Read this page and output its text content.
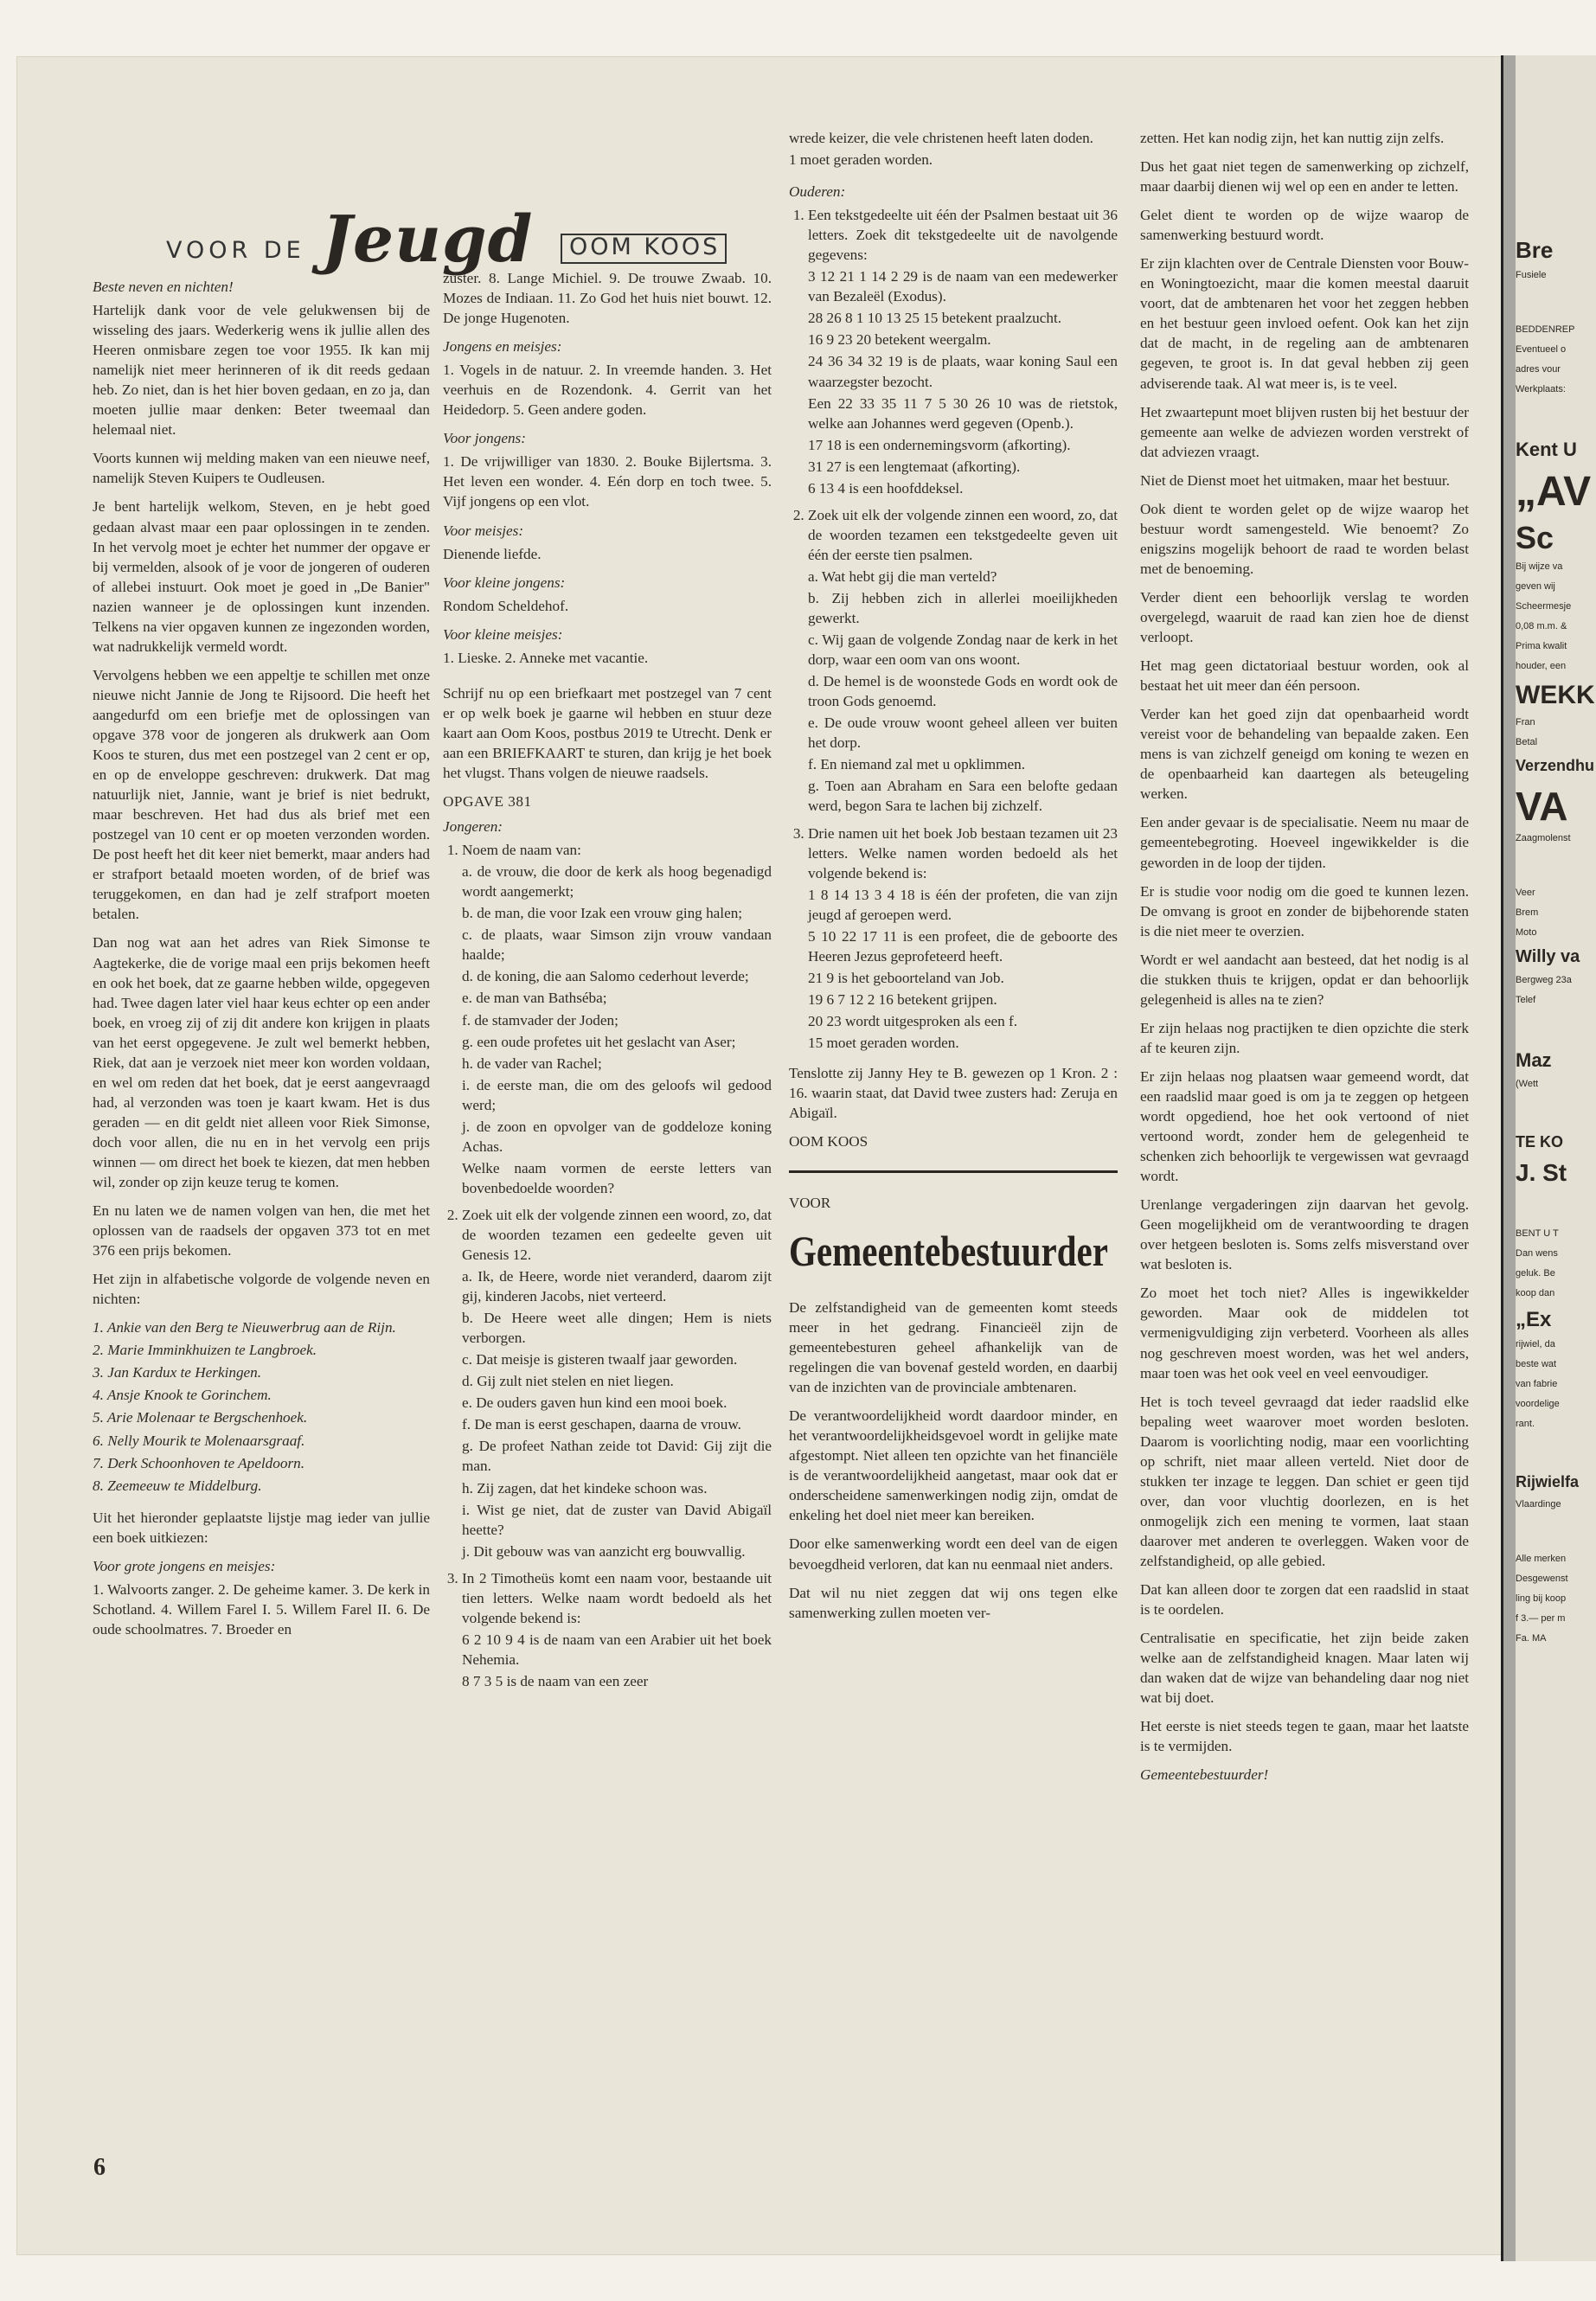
VOOR DE Jeugd	OOM KOOS

Beste neven en nichten!

Hartelijk dank voor de vele gelukwensen bij de wisseling des jaars. Wederkerig wens ik jullie allen des Heeren onmisbare zegen toe voor 1955. Ik kan mij namelijk niet meer herinneren of ik dit reeds gedaan heb. Zo niet, dan is het hier boven gedaan, en zo ja, dan moeten jullie maar denken: Beter tweemaal dan helemaal niet.

Voorts kunnen wij melding maken van een nieuwe neef, namelijk Steven Kuipers te Oudleusen.

Je bent hartelijk welkom, Steven, en je hebt goed gedaan alvast maar een paar oplossingen in te zenden. In het vervolg moet je echter het nummer der opgave er bij vermelden, alsook of je voor de jongeren of ouderen of allebei instuurt. Ook moet je goed in „De Banier" nazien wanneer je de oplossingen kunt inzenden. Telkens na vier opgaven kunnen ze ingezonden worden, wat nadrukkelijk vermeld wordt.

Vervolgens hebben we een appeltje te schillen met onze nieuwe nicht Jannie de Jong te Rijsoord. Die heeft het aangedurfd om een briefje met de oplossingen van opgave 378 voor de jongeren als drukwerk aan Oom Koos te sturen, dus met een postzegel van 2 cent er op, en op de enveloppe geschreven: drukwerk. Dat mag natuurlijk niet, Jannie, want je brief is niet bedrukt, maar beschreven. Het had dus als brief met een postzegel van 10 cent er op moeten verzonden worden. De post heeft het dit keer niet bemerkt, maar anders had er strafport betaald moeten worden, of de brief was teruggekomen, en dan had je zelf strafport moeten betalen.

Dan nog wat aan het adres van Riek Simonse te Aagtekerke, die de vorige maal een prijs bekomen heeft en ook het boek, dat ze gaarne hebben wilde, opgegeven had. Twee dagen later viel haar keus echter op een ander boek, en vroeg zij of zij dit andere kon krijgen in plaats van het eerst opgegevene. Je zult wel bemerkt hebben, Riek, dat aan je verzoek niet meer kon worden voldaan, en wel om reden dat het boek, dat je eerst aangevraagd had, al verzonden was toen je kaart kwam. Het is dus geraden — en dit geldt niet alleen voor Riek Simonse, doch voor allen, die nu en in het vervolg een prijs winnen — om direct het boek te kiezen, dat men hebben wil, zonder op zijn keuze terug te komen.

En nu laten we de namen volgen van hen, die met het oplossen van de raadsels der opgaven 373 tot en met 376 een prijs bekomen.

Het zijn in alfabetische volgorde de volgende neven en nichten:

1. Ankie van den Berg te Nieuwerbrug aan de Rijn.
2. Marie Imminkhuizen te Langbroek.
3. Jan Kardux te Herkingen.
4. Ansje Knook te Gorinchem.
5. Arie Molenaar te Bergschenhoek.
6. Nelly Mourik te Molenaarsgraaf.
7. Derk Schoonhoven te Apeldoorn.
8. Zeemeeuw te Middelburg.

Uit het hieronder geplaatste lijstje mag ieder van jullie een boek uitkiezen:

Voor grote jongens en meisjes:

1. Walvoorts zanger. 2. De geheime kamer. 3. De kerk in Schotland. 4. Willem Farel I. 5. Willem Farel II. 6. De oude schoolmatres. 7. Broeder en

zuster. 8. Lange Michiel. 9. De trouwe Zwaab. 10. Mozes de Indiaan. 11. Zo God het huis niet bouwt. 12. De jonge Hugenoten.

Jongens en meisjes:

1. Vogels in de natuur. 2. In vreemde handen. 3. Het veerhuis en de Rozendonk. 4. Gerrit van het Heidedorp. 5. Geen andere goden.

Voor jongens:

1. De vrijwilliger van 1830. 2. Bouke Bijlertsma. 3. Het leven een wonder. 4. Eén dorp en toch twee. 5. Vijf jongens op een vlot.

Voor meisjes:

Dienende liefde.

Voor kleine jongens:

Rondom Scheldehof.

Voor kleine meisjes:

1. Lieske. 2. Anneke met vacantie.

Schrijf nu op een briefkaart met postzegel van 7 cent er op welk boek je gaarne wil hebben en stuur deze kaart aan Oom Koos, postbus 2019 te Utrecht. Denk er aan een BRIEFKAART te sturen, dan krijg je het boek het vlugst. Thans volgen de nieuwe raadsels.

OPGAVE 381

Jongeren:

1. Noem de naam van:
a. de vrouw, die door de kerk als hoog begenadigd wordt aangemerkt;
b. de man, die voor Izak een vrouw ging halen;
c. de plaats, waar Simson zijn vrouw vandaan haalde;
d. de koning, die aan Salomo cederhout leverde;
e. de man van Bathséba;
f. de stamvader der Joden;
g. een oude profetes uit het geslacht van Aser;
h. de vader van Rachel;
i. de eerste man, die om des geloofs wil gedood werd;
j. de zoon en opvolger van de goddeloze koning Achas.
Welke naam vormen de eerste letters van bovenbedoelde woorden?
2. Zoek uit elk der volgende zinnen een woord, zo, dat de woorden tezamen een gedeelte geven uit Genesis 12.
a. Ik, de Heere, worde niet veranderd, daarom zijt gij, kinderen Jacobs, niet verteerd.
b. De Heere weet alle dingen; Hem is niets verborgen.
c. Dat meisje is gisteren twaalf jaar geworden.
d. Gij zult niet stelen en niet liegen.
e. De ouders gaven hun kind een mooi boek.
f. De man is eerst geschapen, daarna de vrouw.
g. De profeet Nathan zeide tot David: Gij zijt die man.
h. Zij zagen, dat het kindeke schoon was.
i. Wist ge niet, dat de zuster van David Abigaïl heette?
j. Dit gebouw was van aanzicht erg bouwvallig.
3. In 2 Timotheüs komt een naam voor, bestaande uit tien letters. Welke naam wordt bedoeld als het volgende bekend is:
6 2 10 9 4 is de naam van een Arabier uit het boek Nehemia.
8 7 3 5 is de naam van een zeer

wrede keizer, die vele christenen heeft laten doden.

1 moet geraden worden.

Ouderen:

1. Een tekstgedeelte uit één der Psalmen bestaat uit 36 letters. Zoek dit tekstgedeelte uit de navolgende gegevens:
3 12 21 1 14 2 29 is de naam van een medewerker van Bezaleël (Exodus).
28 26 8 1 10 13 25 15 betekent praalzucht.
16 9 23 20 betekent weergalm.
24 36 34 32 19 is de plaats, waar koning Saul een waarzegster bezocht.
Een 22 33 35 11 7 5 30 26 10 was de rietstok, welke aan Johannes werd gegeven (Openb.).
17 18 is een ondernemingsvorm (afkorting).
31 27 is een lengtemaat (afkorting).
6 13 4 is een hoofddeksel.
2. Zoek uit elk der volgende zinnen een woord, zo, dat de woorden tezamen een tekstgedeelte geven uit één der eerste tien psalmen.
a. Wat hebt gij die man verteld?
b. Zij hebben zich in allerlei moeilijkheden gewerkt.
c. Wij gaan de volgende Zondag naar de kerk in het dorp, waar een oom van ons woont.
d. De hemel is de woonstede Gods en wordt ook de troon Gods genoemd.
e. De oude vrouw woont geheel alleen ver buiten het dorp.
f. En niemand zal met u opklimmen.
g. Toen aan Abraham en Sara een belofte gedaan werd, begon Sara te lachen bij zichzelf.
3. Drie namen uit het boek Job bestaan tezamen uit 23 letters. Welke namen worden bedoeld als het volgende bekend is:
1 8 14 13 3 4 18 is één der profeten, die van zijn jeugd af geroepen werd.
5 10 22 17 11 is een profeet, die de geboorte des Heeren Jezus geprofeteerd heeft.
21 9 is het geboorteland van Job.
19 6 7 12 2 16 betekent grijpen.
20 23 wordt uitgesproken als een f.
15 moet geraden worden.

Tenslotte zij Janny Hey te B. gewezen op 1 Kron. 2 : 16. waarin staat, dat David twee zusters had: Zeruja en Abigaïl.

OOM KOOS

VOOR

Gemeentebestuurder

De zelfstandigheid van de gemeenten komt steeds meer in het gedrang. Financieël zijn de gemeentebesturen geheel afhankelijk van de regelingen die van bovenaf gesteld worden, en daarbij van de inzichten van de provinciale ambtenaren.

De verantwoordelijkheid wordt daardoor minder, en het verantwoordelijkheidsgevoel wordt in gelijke mate afgestompt. Niet alleen ten opzichte van het financiële is de verantwoordelijkheid aangetast, maar ook dat er onderscheidene samenwerkingen nodig zijn, omdat de enkeling het doel niet meer kan bereiken.

Door elke samenwerking wordt een deel van de eigen bevoegdheid verloren, dat kan nu eenmaal niet anders.

Dat wil nu niet zeggen dat wij ons tegen elke samenwerking zullen moeten ver-

zetten. Het kan nodig zijn, het kan nuttig zijn zelfs.

Dus het gaat niet tegen de samenwerking op zichzelf, maar daarbij dienen wij wel op een en ander te letten.

Gelet dient te worden op de wijze waarop de samenwerking bestuurd wordt.

Er zijn klachten over de Centrale Diensten voor Bouw- en Woningtoezicht, maar die komen meestal daaruit voort, dat de ambtenaren het voor het zeggen hebben en het bestuur geen invloed oefent. Ook kan het zijn dat de macht, in de regeling aan de ambtenaren gegeven, te groot is. In dat geval hebben zij geen adviserende taak. Al wat meer is, is te veel.

Het zwaartepunt moet blijven rusten bij het bestuur der gemeente aan welke de adviezen worden verstrekt of dat adviezen vraagt.

Niet de Dienst moet het uitmaken, maar het bestuur.

Ook dient te worden gelet op de wijze waarop het bestuur wordt samengesteld. Wie benoemt? Zo enigszins mogelijk behoort de raad te worden belast met de benoeming.

Verder dient een behoorlijk verslag te worden overgelegd, waaruit de raad kan zien hoe de dienst verloopt.

Het mag geen dictatoriaal bestuur worden, ook al bestaat het uit meer dan één persoon.

Verder kan het goed zijn dat openbaarheid wordt vereist voor de behandeling van bepaalde zaken. Een mens is van zichzelf geneigd om koning te wezen en de openbaarheid kan daartegen als beteugeling werken.

Een ander gevaar is de specialisatie. Neem nu maar de gemeentebegroting. Hoeveel ingewikkelder is die geworden in de loop der tijden.

Er is studie voor nodig om die goed te kunnen lezen. De omvang is groot en zonder de bijbehorende staten is die niet meer te overzien.

Wordt er wel aandacht aan besteed, dat het nodig is al die stukken thuis te krijgen, opdat er dan behoorlijk gelegenheid is alles na te zien?

Er zijn helaas nog practijken te dien opzichte die sterk af te keuren zijn.

Er zijn helaas nog plaatsen waar gemeend wordt, dat een raadslid maar goed is om ja te zeggen op hetgeen wordt opgediend, hoe het ook vertoond of niet vertoond wordt, zonder hem de gelegenheid te schenken zich behoorlijk te vergewissen wat gevraagd wordt.

Urenlange vergaderingen zijn daarvan het gevolg. Geen mogelijkheid om de verantwoording te dragen over hetgeen besloten is. Soms zelfs misverstand over wat besloten is.

Zo moet het toch niet? Alles is ingewikkelder geworden. Maar ook de middelen tot vermenigvuldiging zijn verbeterd. Voorheen als alles nog geschreven moest worden, was het wel anders, maar toen was het ook veel en veel eenvoudiger.

Het is toch teveel gevraagd dat ieder raadslid elke bepaling weet waarover moet worden besloten. Daarom is voorlichting nodig, maar een voorlichting op schrift, niet maar alleen verteld. Niet door de stukken ter inzage te leggen. Dan schiet er geen tijd over, dan voor vluchtig doorlezen, en is het onmogelijk zich een mening te vormen, laat staan daarover met anderen te overleggen. Waken voor de zelfstandigheid, op alle gebied.

Dat kan alleen door te zorgen dat een raadslid in staat is te oordelen.

Centralisatie en specificatie, het zijn beide zaken welke aan de zelfstandigheid knagen. Maar laten wij dan waken dat de wijze van behandeling daar nog niet wat bij doet.

Het eerste is niet steeds tegen te gaan, maar het laatste is te vermijden.

Gemeentebestuurder!

Bre
Fusiele
BEDDENREP
Eventueel o
adres vour
Werkplaats:
Kent U
„AV
Sc
Bij wijze va
geven wij
Scheermesje
0,08 m.m. &
Prima kwalit
houder, een
WEKK
Fran
Betal
Verzendhu
VA
Zaagmolenst
Veer
Brem
Moto
Willy va
Bergweg 23a
Telef
Maz
(Wett
TE KO
J. St
BENT U T
Dan wens
geluk. Be
koop dan
„Ex
rijwiel, da
beste wat
van fabrie
voordelige
rant.
Rijwielfa
Vlaardinge
Alle merken
Desgewenst
ling bij koop
f 3.— per m
Fa. MA
6
